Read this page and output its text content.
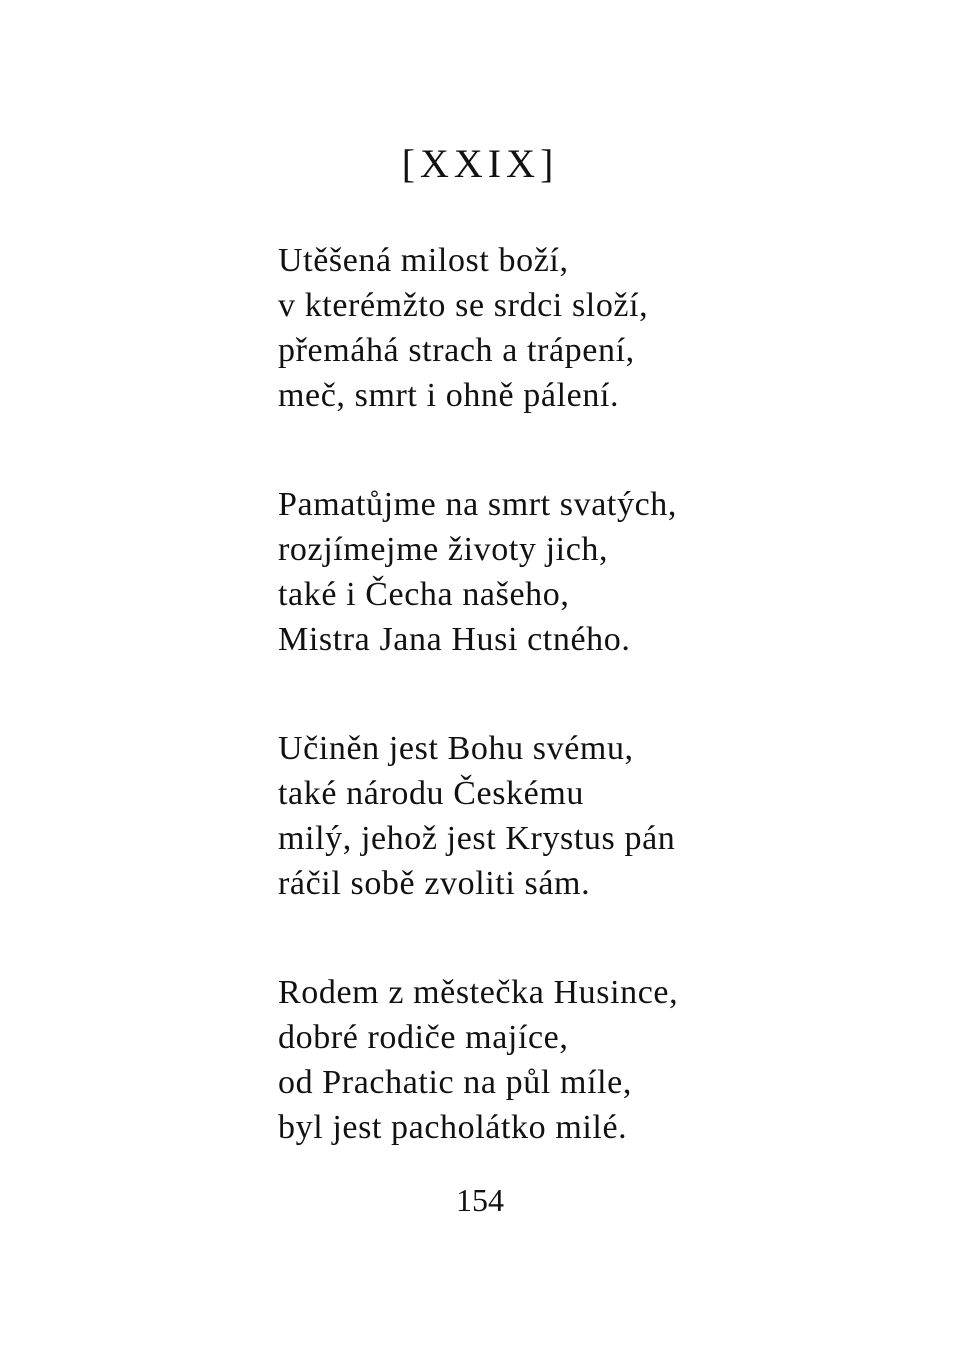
[XXIX]
Utěšená milost boží,
v kterémžto se srdci složí,
přemáhá strach a trápení,
meč, smrt i ohně pálení.
Pamatůjme na smrt svatých,
rozjímejme životy jich,
také i Čecha našeho,
Mistra Jana Husi ctného.
Učiněn jest Bohu svému,
také národu Českému
milý, jehož jest Krystus pán
ráčil sobě zvoliti sám.
Rodem z městečka Husince,
dobré rodiče majíce,
od Prachatic na půl míle,
byl jest pacholátko milé.
154
